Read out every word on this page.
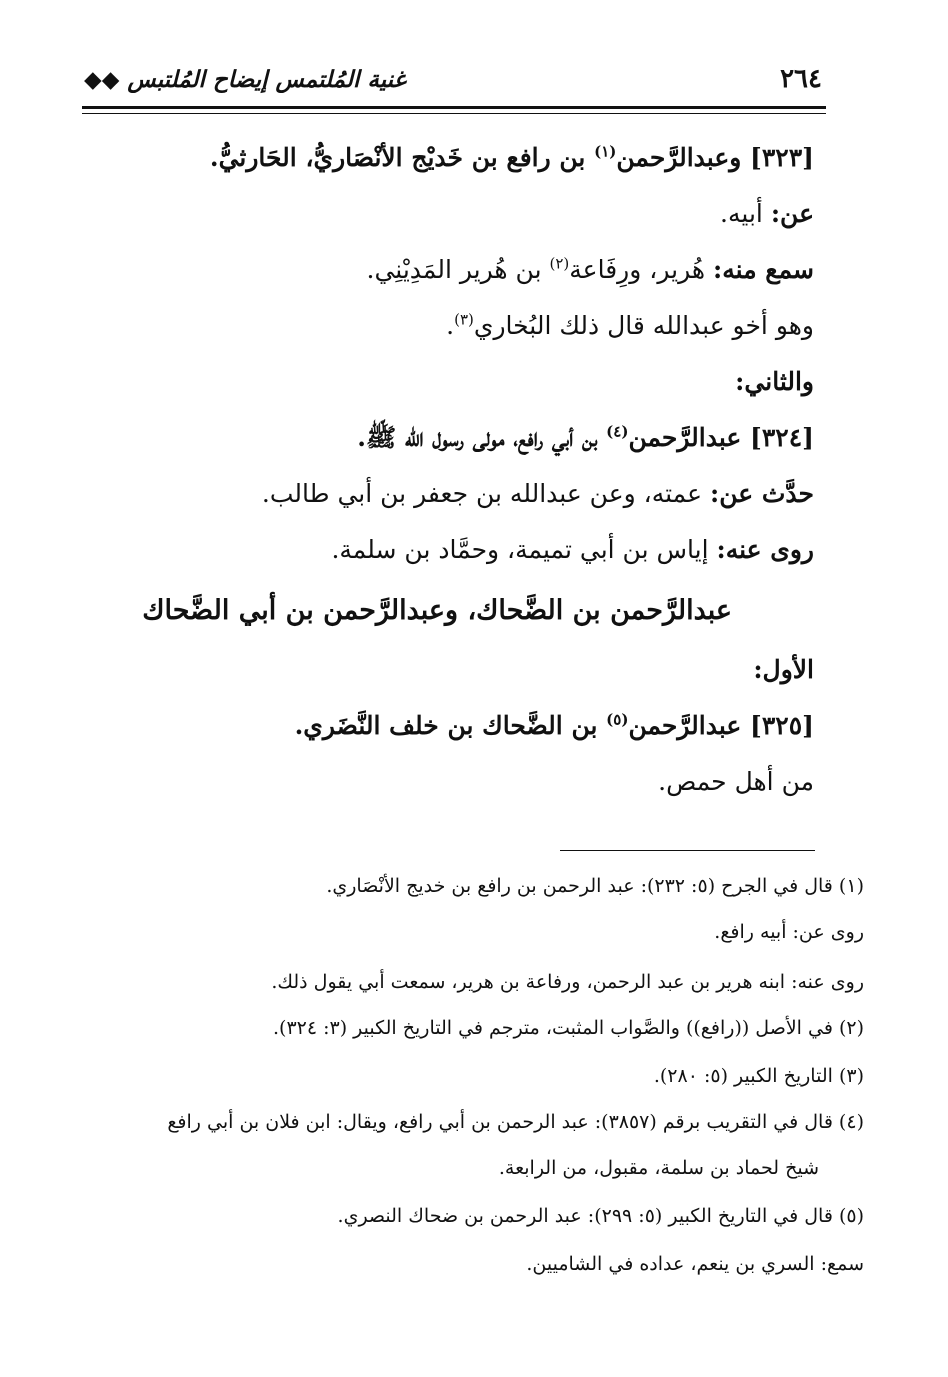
٢٦٤
غنية المُلتمس إيضاح المُلتبس ◆◆
[٣٢٣] وعبدالرَّحمن$^{(١)}$ بن رافع بن خَديْج الأنْصَاريُّ، الحَارثيُّ.
عن: أبيه.
سمع منه: هُرير، ورِفَاعة$^{(٢)}$ بن هُرير المَدِيْنِي.
وهو أخو عبدالله قال ذلك البُخاري$^{(٣)}$.
والثاني:
[٣٢٤] عبدالرَّحمن$^{(٤)}$ بن أبي رافع، مولى رسول الله ﷺ.
حدَّث عن: عمته، وعن عبدالله بن جعفر بن أبي طالب.
روى عنه: إياس بن أبي تميمة، وحمَّاد بن سلمة.
عبدالرَّحمن بن الضَّحاك، وعبدالرَّحمن بن أبي الضَّحاك
الأول:
[٣٢٥] عبدالرَّحمن$^{(٥)}$ بن الضَّحاك بن خلف النَّضَري.
من أهل حمص.
(١) قال في الجرح (٥: ٢٣٢): عبد الرحمن بن رافع بن خديج الأنْصَاري.
روى عن: أبيه رافع.
روى عنه: ابنه هرير بن عبد الرحمن، ورفاعة بن هرير، سمعت أبي يقول ذلك.
(٢) في الأصل ((رافع)) والصَّواب المثبت، مترجم في التاريخ الكبير (٣: ٣٢٤).
(٣) التاريخ الكبير (٥: ٢٨٠).
(٤) قال في التقريب برقم (٣٨٥٧): عبد الرحمن بن أبي رافع، ويقال: ابن فلان بن أبي رافع
شيخ لحماد بن سلمة، مقبول، من الرابعة.
(٥) قال في التاريخ الكبير (٥: ٢٩٩): عبد الرحمن بن ضحاك النصري.
سمع: السري بن ينعم، عداده في الشاميين.
